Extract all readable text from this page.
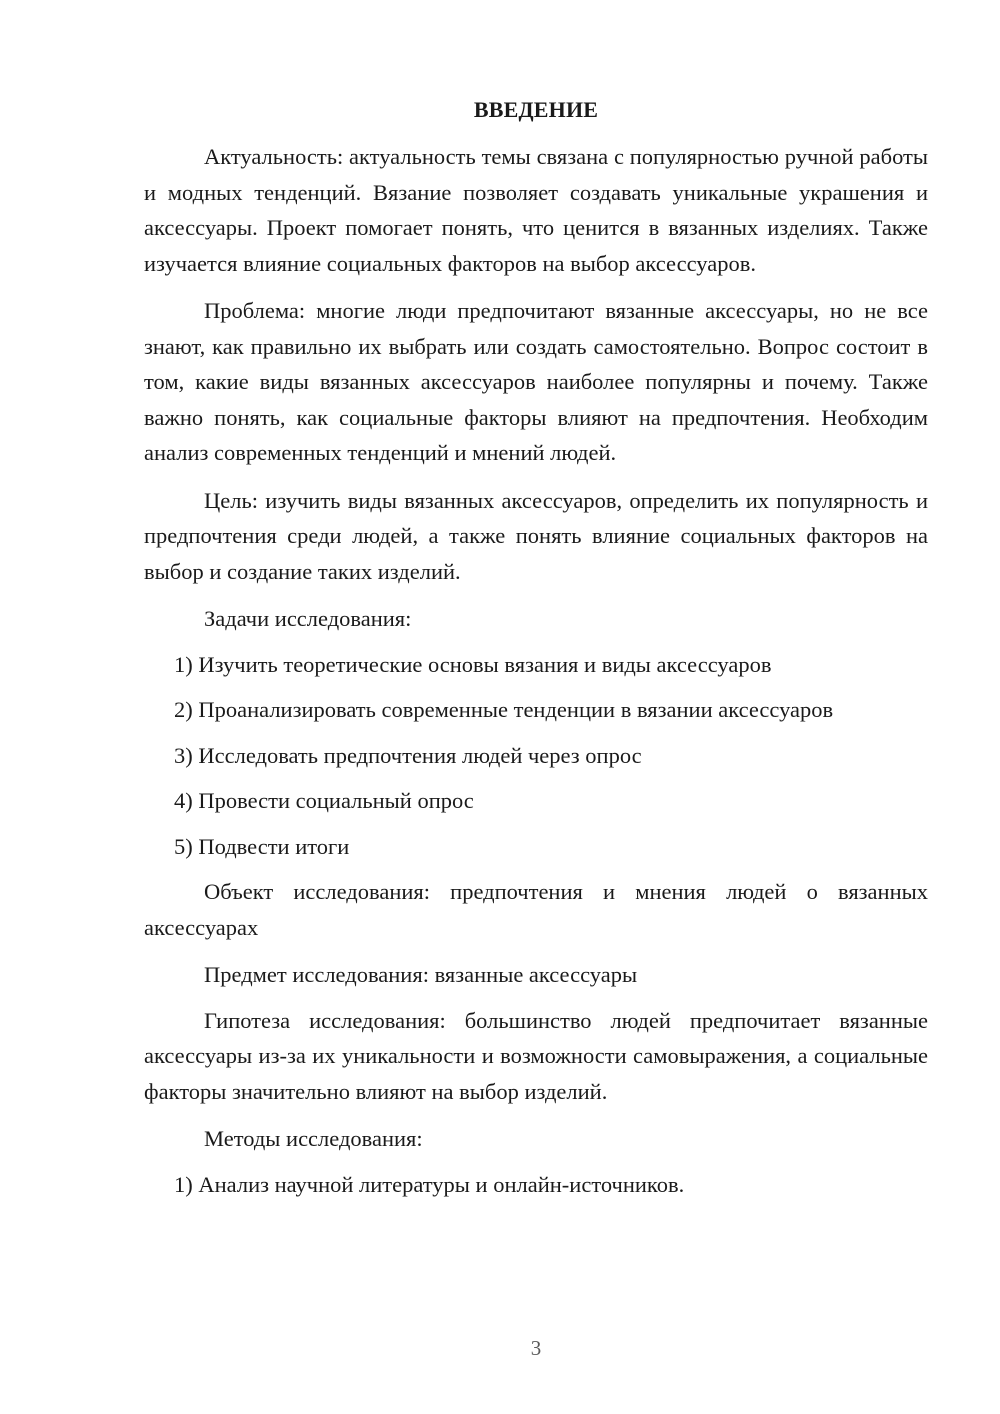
ВВЕДЕНИЕ

Актуальность: актуальность темы связана с популярностью ручной работы и модных тенденций. Вязание позволяет создавать уникальные украшения и аксессуары. Проект помогает понять, что ценится в вязанных изделиях. Также изучается влияние социальных факторов на выбор аксессуаров.

Проблема: многие люди предпочитают вязанные аксессуары, но не все знают, как правильно их выбрать или создать самостоятельно. Вопрос состоит в том, какие виды вязанных аксессуаров наиболее популярны и почему. Также важно понять, как социальные факторы влияют на предпочтения. Необходим анализ современных тенденций и мнений людей.

Цель: изучить виды вязанных аксессуаров, определить их популярность и предпочтения среди людей, а также понять влияние социальных факторов на выбор и создание таких изделий.

Задачи исследования:

1) Изучить теоретические основы вязания и виды аксессуаров

2) Проанализировать современные тенденции в вязании аксессуаров

3) Исследовать предпочтения людей через опрос

4) Провести социальный опрос

5) Подвести итоги

Объект исследования: предпочтения и мнения людей о вязанных аксессуарах

Предмет исследования: вязанные аксессуары

Гипотеза исследования: большинство людей предпочитает вязанные аксессуары из-за их уникальности и возможности самовыражения, а социальные факторы значительно влияют на выбор изделий.

Методы исследования:

1) Анализ научной литературы и онлайн-источников.

3
